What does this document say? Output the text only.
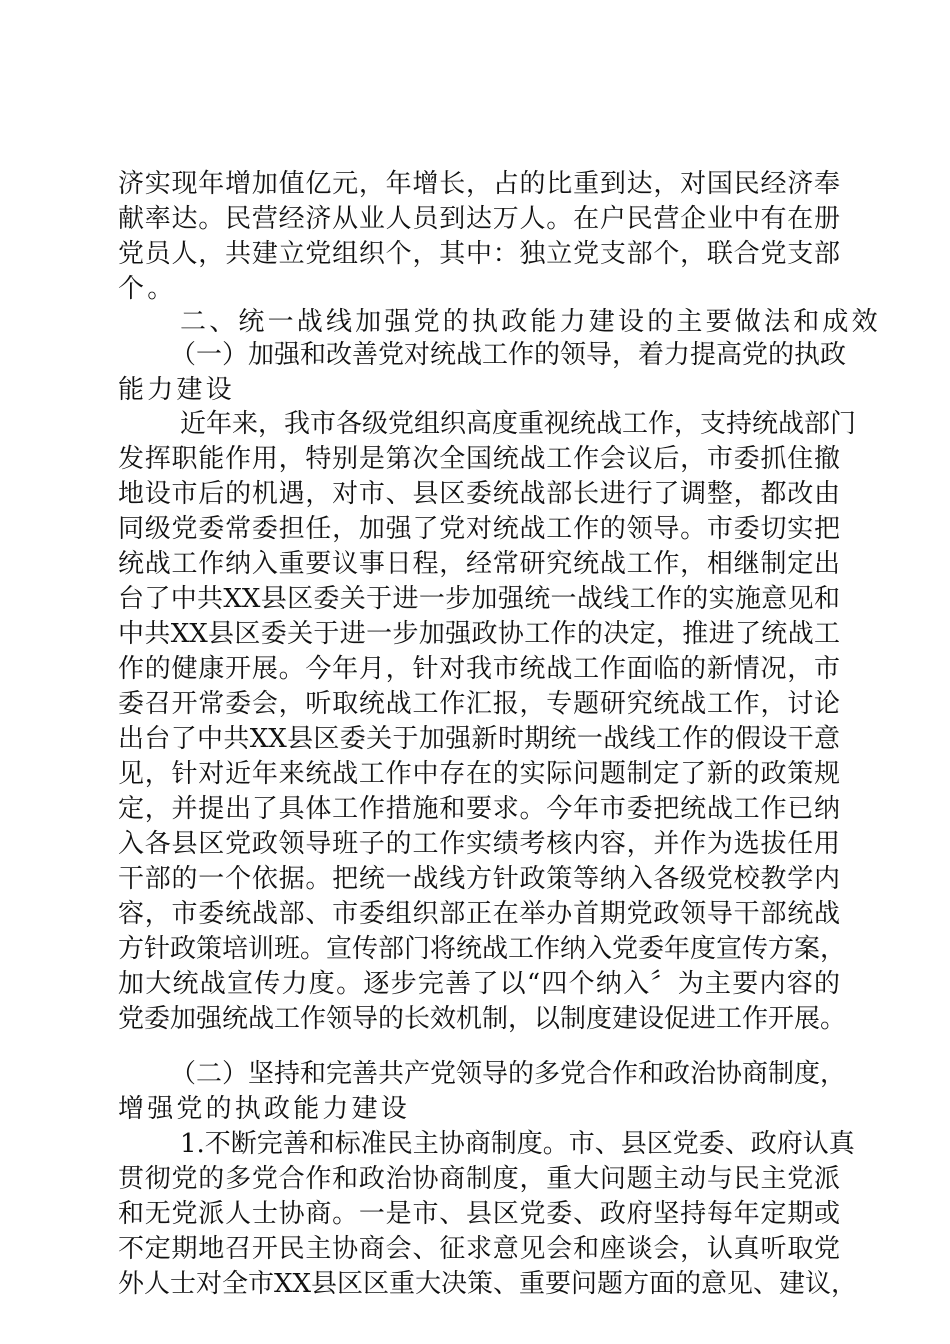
济实现年增加值亿元，年增长，占的比重到达，对国民经济奉
献率达。民营经济从业人员到达万人。在户民营企业中有在册
党员人，共建立党组织个，其中：独立党支部个，联合党支部
个。
二、统一战线加强党的执政能力建设的主要做法和成效
（一）加强和改善党对统战工作的领导，着力提高党的执政
能力建设
近年来，我市各级党组织高度重视统战工作，支持统战部门
发挥职能作用，特别是第次全国统战工作会议后，市委抓住撤
地设市后的机遇，对市、县区委统战部长进行了调整，都改由
同级党委常委担任，加强了党对统战工作的领导。市委切实把
统战工作纳入重要议事日程，经常研究统战工作，相继制定出
台了中共XX县区委关于进一步加强统一战线工作的实施意见和
中共XX县区委关于进一步加强政协工作的决定，推进了统战工
作的健康开展。今年月，针对我市统战工作面临的新情况，市
委召开常委会，听取统战工作汇报，专题研究统战工作，讨论
出台了中共XX县区委关于加强新时期统一战线工作的假设干意
见，针对近年来统战工作中存在的实际问题制定了新的政策规
定，并提出了具体工作措施和要求。今年市委把统战工作已纳
入各县区党政领导班子的工作实绩考核内容，并作为选拔任用
干部的一个依据。把统一战线方针政策等纳入各级党校教学内
容，市委统战部、市委组织部正在举办首期党政领导干部统战
方针政策培训班。宣传部门将统战工作纳入党委年度宣传方案，
加大统战宣传力度。逐步完善了以“四个纳入〞为主要内容的
党委加强统战工作领导的长效机制，以制度建设促进工作开展。
（二）坚持和完善共产党领导的多党合作和政治协商制度，
增强党的执政能力建设
1.不断完善和标准民主协商制度。市、县区党委、政府认真
贯彻党的多党合作和政治协商制度，重大问题主动与民主党派
和无党派人士协商。一是市、县区党委、政府坚持每年定期或
不定期地召开民主协商会、征求意见会和座谈会，认真听取党
外人士对全市XX县区区重大决策、重要问题方面的意见、建议，
